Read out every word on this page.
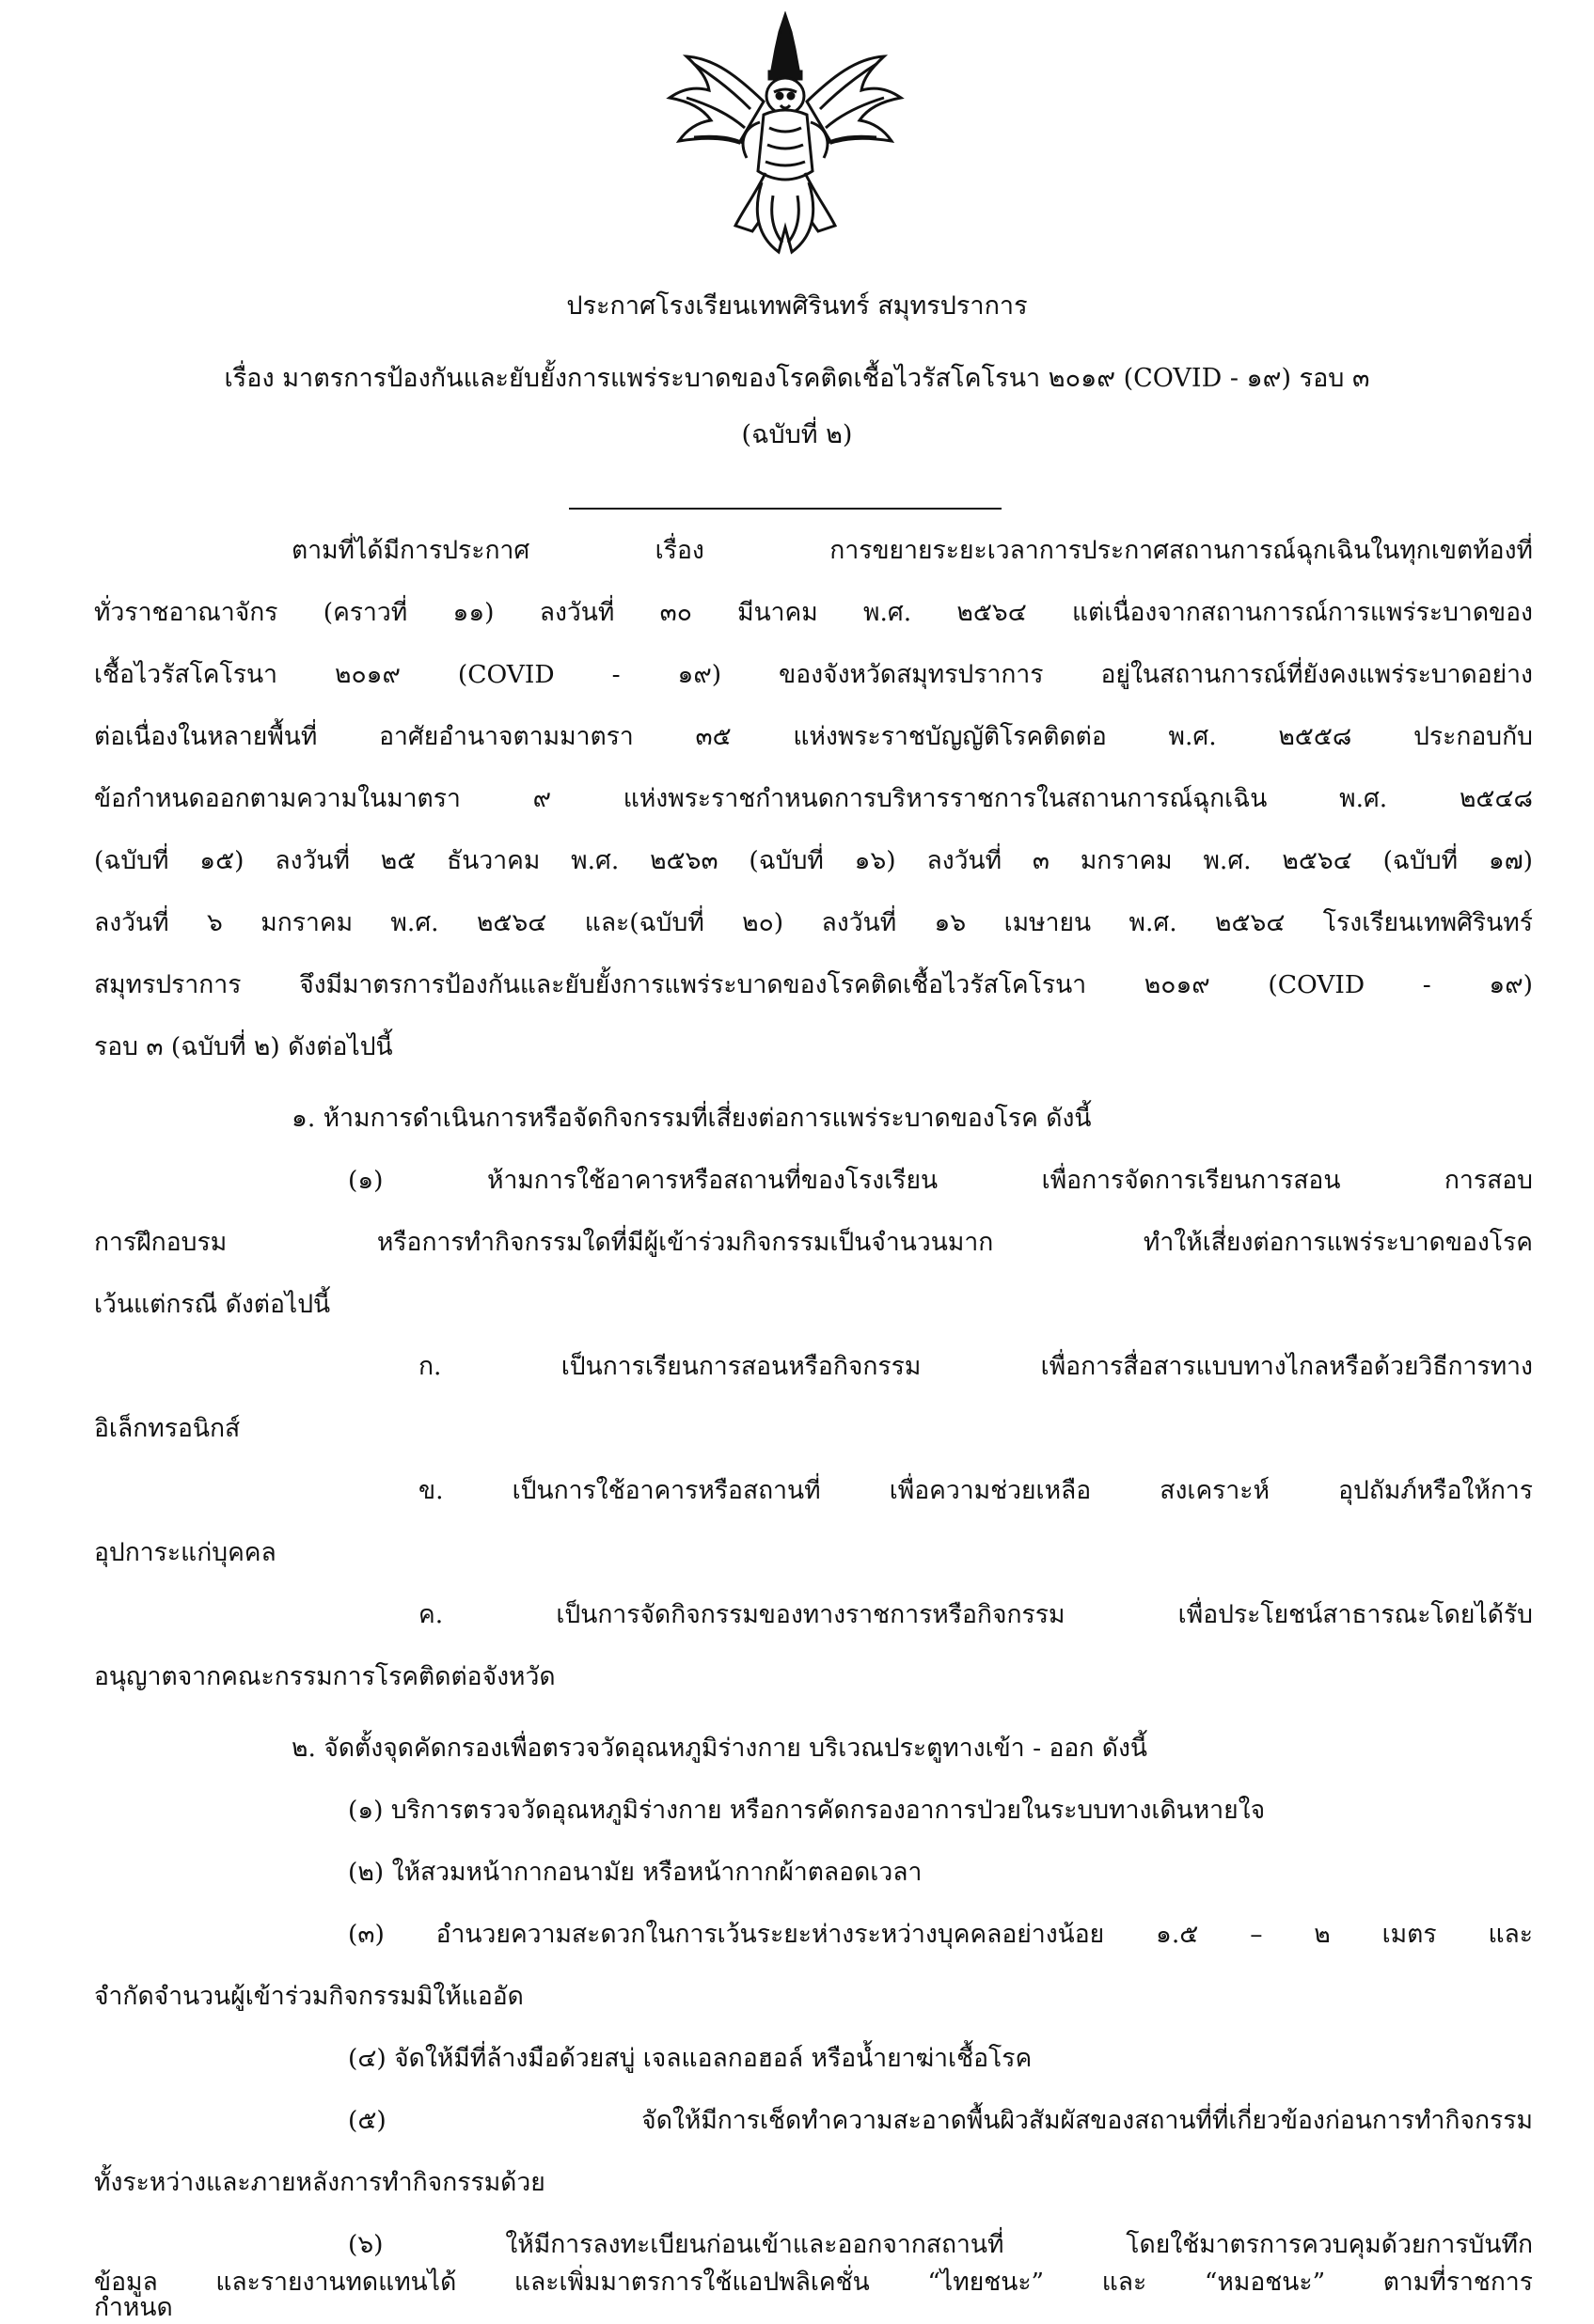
ประกาศโรงเรียนเทพศิรินทร์ สมุทรปราการ
เรื่อง มาตรการป้องกันและยับยั้งการแพร่ระบาดของโรคติดเชื้อไวรัสโคโรนา ๒๐๑๙ (COVID - ๑๙) รอบ ๓
(ฉบับที่ ๒)
ตามที่ได้มีการประกาศ เรื่อง การขยายระยะเวลาการประกาศสถานการณ์ฉุกเฉินในทุกเขตท้องที่
ทั่วราชอาณาจักร (คราวที่ ๑๑) ลงวันที่ ๓๐ มีนาคม พ.ศ. ๒๕๖๔ แต่เนื่องจากสถานการณ์การแพร่ระบาดของ
เชื้อไวรัสโคโรนา ๒๐๑๙ (COVID - ๑๙) ของจังหวัดสมุทรปราการ อยู่ในสถานการณ์ที่ยังคงแพร่ระบาดอย่าง
ต่อเนื่องในหลายพื้นที่ อาศัยอำนาจตามมาตรา ๓๕ แห่งพระราชบัญญัติโรคติดต่อ พ.ศ. ๒๕๕๘ ประกอบกับ
ข้อกำหนดออกตามความในมาตรา ๙ แห่งพระราชกำหนดการบริหารราชการในสถานการณ์ฉุกเฉิน พ.ศ. ๒๕๔๘
(ฉบับที่ ๑๕) ลงวันที่ ๒๕ ธันวาคม พ.ศ. ๒๕๖๓ (ฉบับที่ ๑๖) ลงวันที่ ๓ มกราคม พ.ศ. ๒๕๖๔ (ฉบับที่ ๑๗)
ลงวันที่ ๖ มกราคม พ.ศ. ๒๕๖๔ และ(ฉบับที่ ๒๐) ลงวันที่ ๑๖ เมษายน พ.ศ. ๒๕๖๔ โรงเรียนเทพศิรินทร์
สมุทรปราการ จึงมีมาตรการป้องกันและยับยั้งการแพร่ระบาดของโรคติดเชื้อไวรัสโคโรนา ๒๐๑๙ (COVID - ๑๙)
รอบ ๓ (ฉบับที่ ๒) ดังต่อไปนี้
๑. ห้ามการดำเนินการหรือจัดกิจกรรมที่เสี่ยงต่อการแพร่ระบาดของโรค ดังนี้
(๑) ห้ามการใช้อาคารหรือสถานที่ของโรงเรียน เพื่อการจัดการเรียนการสอน การสอบ
การฝึกอบรม หรือการทำกิจกรรมใดที่มีผู้เข้าร่วมกิจกรรมเป็นจำนวนมาก ทำให้เสี่ยงต่อการแพร่ระบาดของโรค
เว้นแต่กรณี ดังต่อไปนี้
ก. เป็นการเรียนการสอนหรือกิจกรรม เพื่อการสื่อสารแบบทางไกลหรือด้วยวิธีการทาง
อิเล็กทรอนิกส์
ข. เป็นการใช้อาคารหรือสถานที่ เพื่อความช่วยเหลือ สงเคราะห์ อุปถัมภ์หรือให้การ
อุปการะแก่บุคคล
ค. เป็นการจัดกิจกรรมของทางราชการหรือกิจกรรม เพื่อประโยชน์สาธารณะโดยได้รับ
อนุญาตจากคณะกรรมการโรคติดต่อจังหวัด
๒. จัดตั้งจุดคัดกรองเพื่อตรวจวัดอุณหภูมิร่างกาย บริเวณประตูทางเข้า - ออก ดังนี้
(๑) บริการตรวจวัดอุณหภูมิร่างกาย หรือการคัดกรองอาการป่วยในระบบทางเดินหายใจ
(๒) ให้สวมหน้ากากอนามัย หรือหน้ากากผ้าตลอดเวลา
(๓) อำนวยความสะดวกในการเว้นระยะห่างระหว่างบุคคลอย่างน้อย ๑.๕ – ๒ เมตร และ
จำกัดจำนวนผู้เข้าร่วมกิจกรรมมิให้แออัด
(๔) จัดให้มีที่ล้างมือด้วยสบู่ เจลแอลกอฮอล์ หรือน้ำยาฆ่าเชื้อโรค
(๕) จัดให้มีการเช็ดทำความสะอาดพื้นผิวสัมผัสของสถานที่ที่เกี่ยวข้องก่อนการทำกิจกรรม
ทั้งระหว่างและภายหลังการทำกิจกรรมด้วย
(๖) ให้มีการลงทะเบียนก่อนเข้าและออกจากสถานที่ โดยใช้มาตรการควบคุมด้วยการบันทึก
ข้อมูล และรายงานทดแทนได้ และเพิ่มมาตรการใช้แอปพลิเคชั่น “ไทยชนะ” และ “หมอชนะ” ตามที่ราชการ
กำหนด
